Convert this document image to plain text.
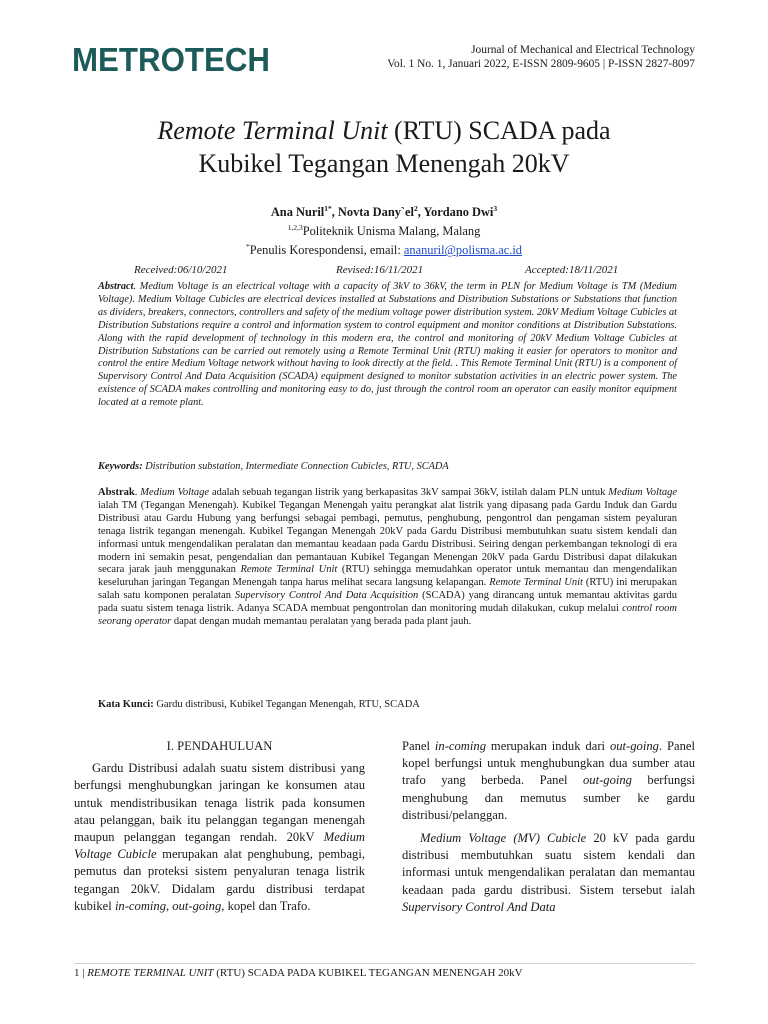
METROTECH	Journal of Mechanical and Electrical Technology
Vol. 1 No. 1, Januari 2022, E-ISSN 2809-9605 | P-ISSN 2827-8097
Remote Terminal Unit (RTU) SCADA pada
Kubikel Tegangan Menengah 20kV
Ana Nuril$^{1*}$, Novta $Dany`el^2$, Yordano Dwi$^3$
$^{1,2,3}$Politeknik Unisma Malang, Malang
*Penulis Korespondensi, email: ananuril@polisma.ac.id
Received:06/10/2021	Revised:16/11/2021	Accepted:18/11/2021

Abstract. Medium Voltage is an electrical voltage with a capacity of 3kV to 36kV, the term in PLN for Medium Voltage is TM (Medium Voltage). Medium Voltage Cubicles are electrical devices installed at Substations and Distribution Substations or Substations that function as dividers, breakers, connectors, controllers and safety of the medium voltage power distribution system. 20kV Medium Voltage Cubicles at Distribution Substations require a control and information system to control equipment and monitor conditions at Distribution Substations. Along with the rapid development of technology in this modern era, the control and monitoring of 20kV Medium Voltage Cubicles at Distribution Substations can be carried out remotely using a Remote Terminal Unit (RTU) making it easier for operators to monitor and control the entire Medium Voltage network without having to look directly at the field. . This Remote Terminal Unit (RTU) is a component of Supervisory Control And Data Acquisition (SCADA) equipment designed to monitor substation activities in an electric power system. The existence of SCADA makes controlling and monitoring easy to do, just through the control room an operator can easily monitor equipment located at a remote plant.

Keywords: Distribution substation, Intermediate Connection Cubicles, RTU, SCADA

Abstrak. Medium Voltage adalah sebuah tegangan listrik yang berkapasitas 3kV sampai 36kV, istilah dalam PLN untuk Medium Voltage ialah TM (Tegangan Menengah). Kubikel Tegangan Menengah yaitu perangkat alat listrik yang dipasang pada Gardu Induk dan Gardu Distribusi atau Gardu Hubung yang berfungsi sebagai pembagi, pemutus, penghubung, pengontrol dan pengaman sistem peyaluran tenaga listrik tegangan menengah. Kubikel Tegangan Menengah 20kV pada Gardu Distribusi membutuhkan suatu sistem kendali dan informasi untuk mengendalikan peralatan dan memantau keadaan pada Gardu Distribusi. Seiring dengan perkembangan teknologi di era modern ini semakin pesat, pengendalian dan pemantauan Kubikel Tegangan Menengan 20kV pada Gardu Distribusi dapat dilakukan secara jarak jauh menggunakan Remote Terminal Unit (RTU) sehingga memudahkan operator untuk memantau dan mengendalikan keseluruhan jaringan Tegangan Menengah tanpa harus melihat secara langsung kelapangan. Remote Terminal Unit (RTU) ini merupakan salah satu komponen peralatan Supervisory Control And Data Acquisition (SCADA) yang dirancang untuk memantau aktivitas gardu pada suatu sistem tenaga listrik. Adanya SCADA membuat pengontrolan dan monitoring mudah dilakukan, cukup melalui control room seorang operator dapat dengan mudah memantau peralatan yang berada pada plant jauh.

Kata Kunci: Gardu distribusi, Kubikel Tegangan Menengah, RTU, SCADA

I. PENDAHULUAN

Gardu Distribusi adalah suatu sistem distribusi yang berfungsi menghubungkan jaringan ke konsumen atau untuk mendistribusikan tenaga listrik pada konsumen atau pelanggan, baik itu pelanggan tegangan menengah maupun pelanggan tegangan rendah. 20kV Medium Voltage Cubicle merupakan alat penghubung, pembagi, pemutus dan proteksi sistem penyaluran tenaga listrik tegangan 20kV. Didalam gardu distribusi terdapat kubikel in-coming, out-going, kopel dan Trafo.

Panel in-coming merupakan induk dari out-going. Panel kopel berfungsi untuk menghubungkan dua sumber atau trafo yang berbeda. Panel out-going berfungsi menghubung dan memutus sumber ke gardu distribusi/pelanggan.

Medium Voltage (MV) Cubicle 20 kV pada gardu distribusi membutuhkan suatu sistem kendali dan informasi untuk mengendalikan peralatan dan memantau keadaan pada gardu distribusi. Sistem tersebut ialah Supervisory Control And Data

1 | REMOTE TERMINAL UNIT (RTU) SCADA PADA KUBIKEL TEGANGAN MENENGAH 20kV
